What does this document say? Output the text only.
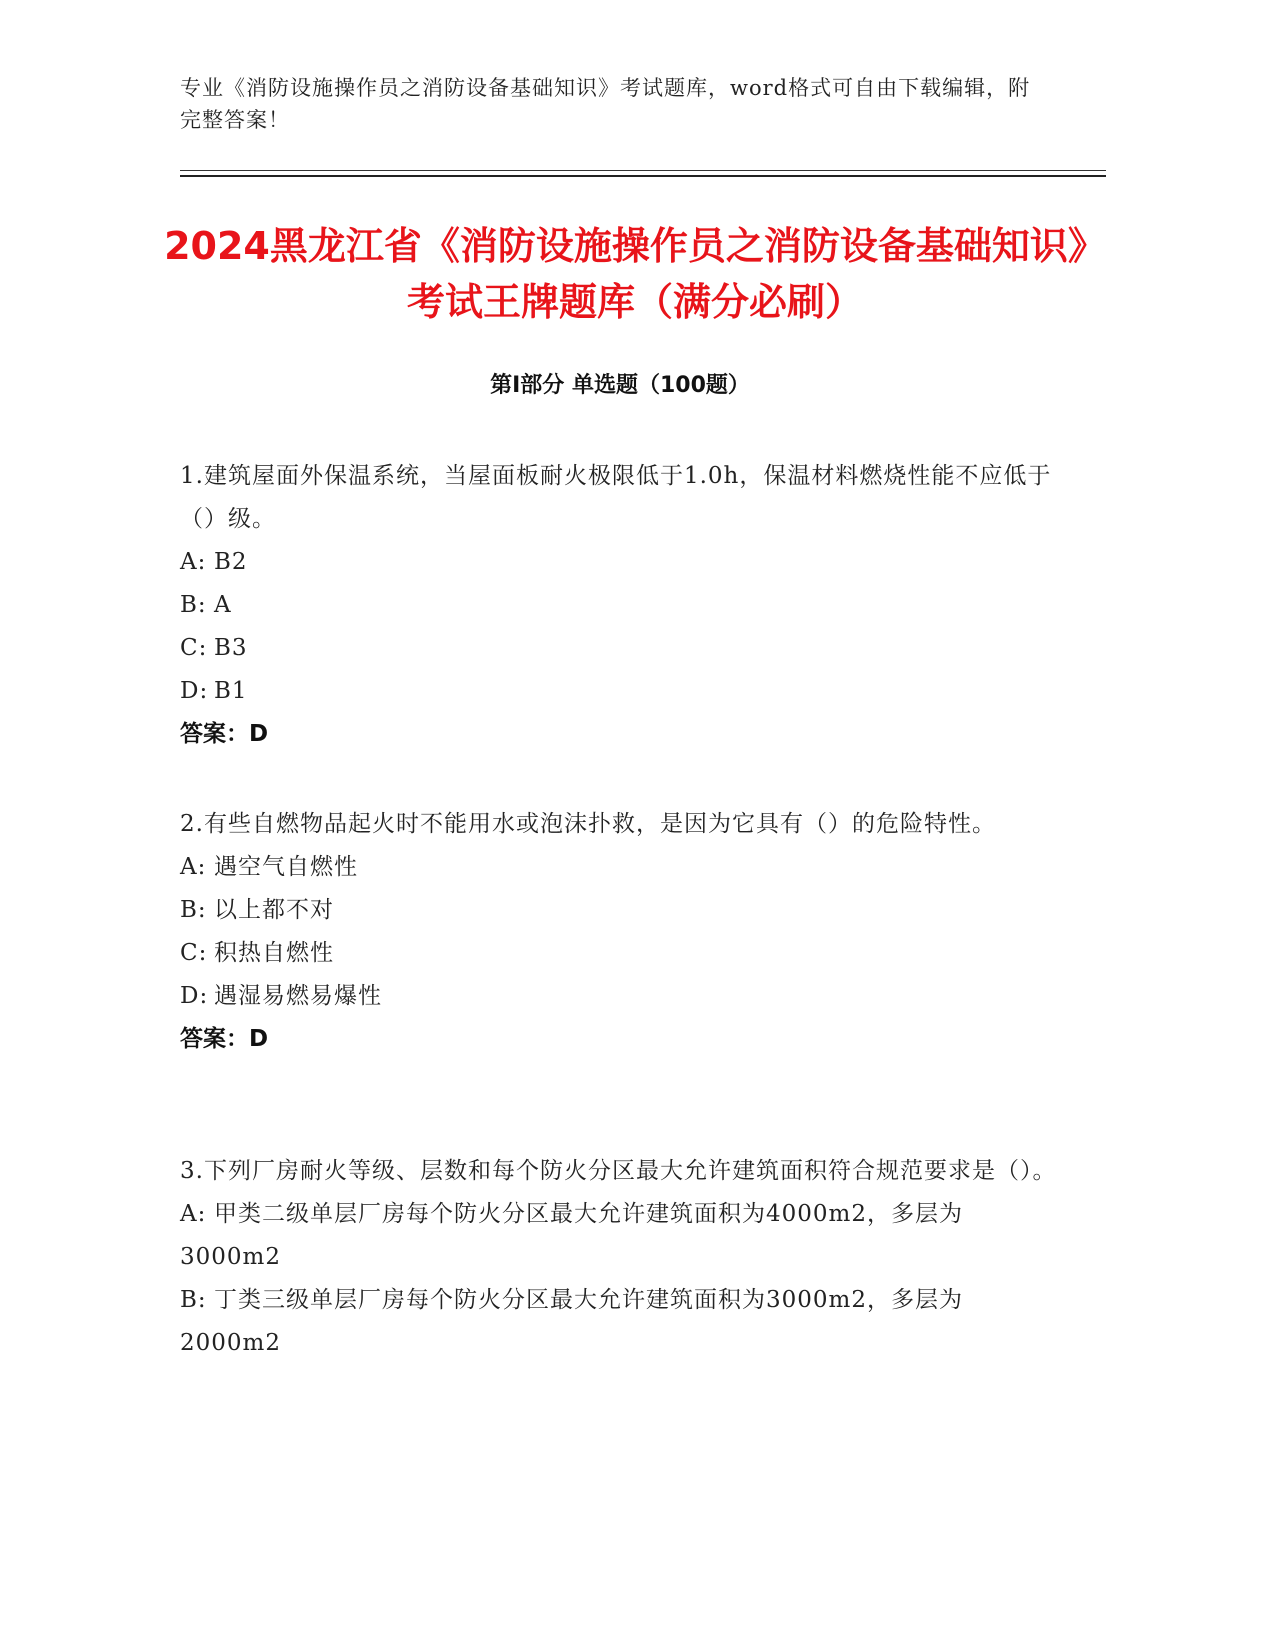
专业《消防设施操作员之消防设备基础知识》考试题库，word格式可自由下载编辑，附完整答案！
2024黑龙江省《消防设施操作员之消防设备基础知识》考试王牌题库（满分必刷）
第Ⅰ部分 单选题（100题）

1.建筑屋面外保温系统，当屋面板耐火极限低于1.0h，保温材料燃烧性能不应低于（）级。

A: B2

B: A

C: B3

D: B1

答案：D

2.有些自燃物品起火时不能用水或泡沫扑救，是因为它具有（）的危险特性。

A: 遇空气自燃性

B: 以上都不对

C: 积热自燃性

D: 遇湿易燃易爆性

答案：D

3.下列厂房耐火等级、层数和每个防火分区最大允许建筑面积符合规范要求是（）。

A: 甲类二级单层厂房每个防火分区最大允许建筑面积为4000m2，多层为3000m2

B: 丁类三级单层厂房每个防火分区最大允许建筑面积为3000m2，多层为2000m2
